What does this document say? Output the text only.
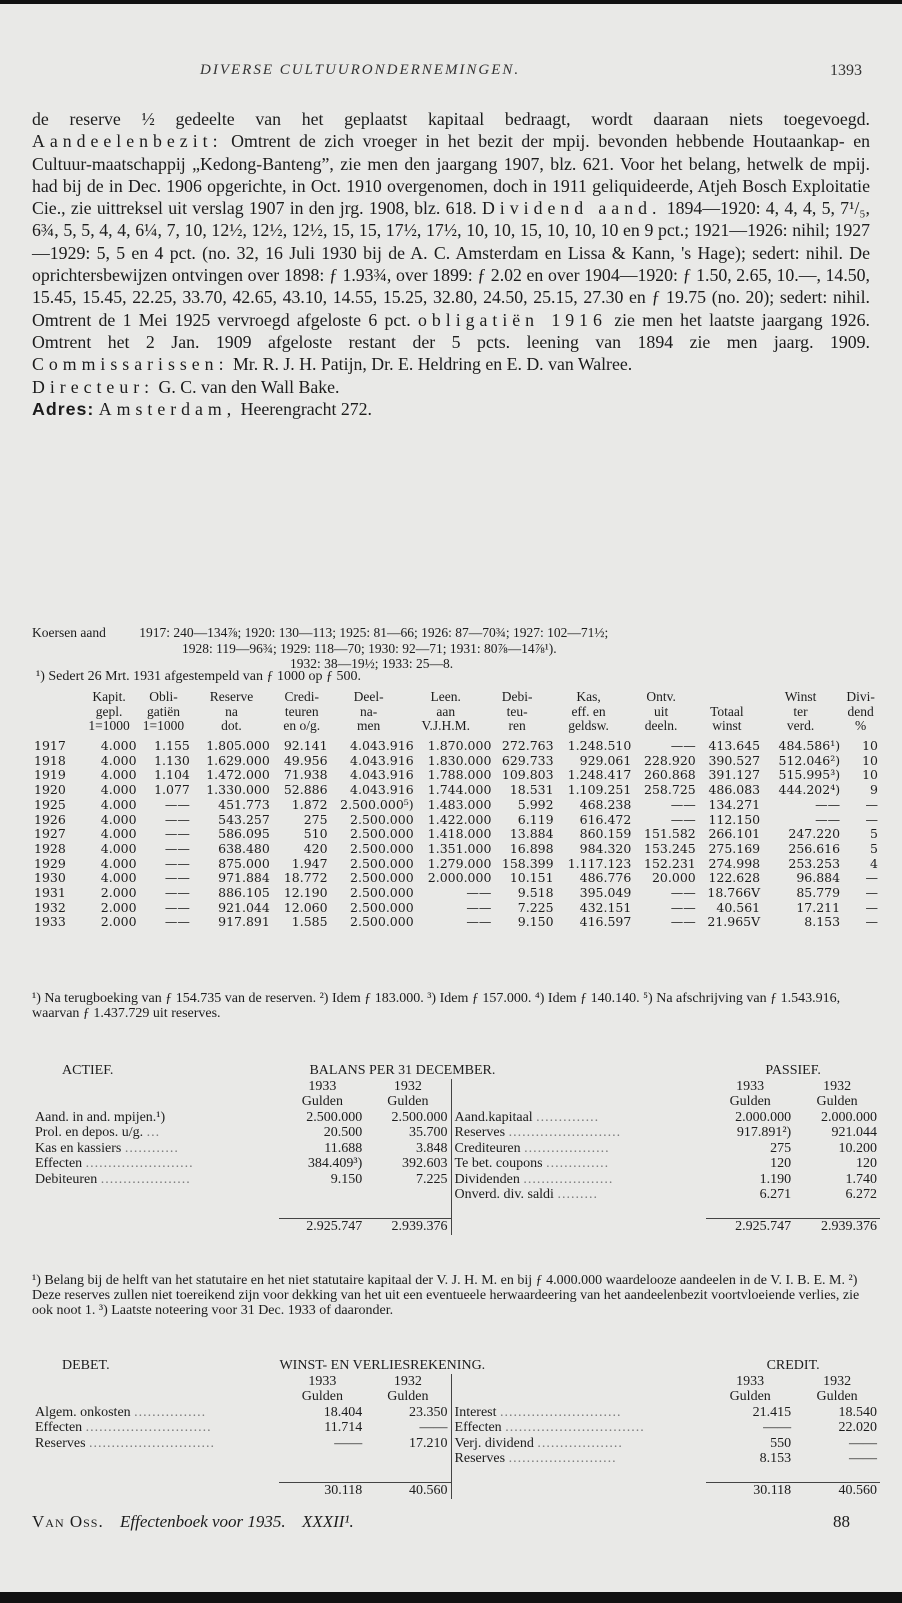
DIVERSE CULTUURONDERNEMINGEN.	1393
de reserve ½ gedeelte van het geplaatst kapitaal bedraagt, wordt daaraan niets toegevoegd. Aandeelenbezit: Omtrent de zich vroeger in het bezit der mpij. bevonden hebbende Houtaankap- en Cultuur-maatschappij „Kedong-Banteng”, zie men den jaargang 1907, blz. 621. Voor het belang, hetwelk de mpij. had bij de in Dec. 1906 opgerichte, in Oct. 1910 overgenomen, doch in 1911 geliquideerde, Atjeh Bosch Exploitatie Cie., zie uittreksel uit verslag 1907 in den jrg. 1908, blz. 618. Dividend aand. 1894—1920: 4, 4, 4, 5, 7¹/₅, 6¾, 5, 5, 4, 4, 6¼, 7, 10, 12½, 12½, 12½, 15, 15, 17½, 17½, 10, 10, 15, 10, 10, 10 en 9 pct.; 1921—1926: nihil; 1927—1929: 5, 5 en 4 pct. (no. 32, 16 Juli 1930 bij de A. C. Amsterdam en Lissa & Kann, 's Hage); sedert: nihil. De oprichtersbewijzen ontvingen over 1898: ƒ 1.93¾, over 1899: ƒ 2.02 en over 1904—1920: ƒ 1.50, 2.65, 10.—, 14.50, 15.45, 15.45, 22.25, 33.70, 42.65, 43.10, 14.55, 15.25, 32.80, 24.50, 25.15, 27.30 en ƒ 19.75 (no. 20); sedert: nihil. Omtrent de 1 Mei 1925 vervroegd afgeloste 6 pct. obligatiën 1916 zie men het laatste jaargang 1926. Omtrent het 2 Jan. 1909 afgeloste restant der 5 pcts. leening van 1894 zie men jaarg. 1909. Commissarissen: Mr. R. J. H. Patijn, Dr. E. Heldring en E. D. van Walree.
Directeur: G. C. van den Wall Bake.
Adres: Amsterdam, Heerengracht 272.
Koersen aand 1917: 240—134⅞; 1920: 130—113; 1925: 81—66; 1926: 87—70¾; 1927: 102—71½;
1928: 119—96¾; 1929: 118—70; 1930: 92—71; 1931: 80⅞—14⅞¹).
1932: 38—19½; 1933: 25—8.
¹) Sedert 26 Mrt. 1931 afgestempeld van ƒ 1000 op ƒ 500.
	Kapit.	Obli-	Reserve	Credi-	Deel-	Leen.	Debi-	Kas,	Ontv.		Winst	Divi-
	gepl.	gatiën	na	teuren	na-	aan	teu-	eff. en	uit	Totaal	ter	dend
	1=1000	1=1000	dot.	en o/g.	men	V.J.H.M.	ren	geldsw.	deeln.	winst	verd.	%
1917	4.000	1.155	1.805.000	92.141	4.043.916	1.870.000	272.763	1.248.510	——	413.645	484.586¹)	10
1918	4.000	1.130	1.629.000	49.956	4.043.916	1.830.000	629.733	929.061	228.920	390.527	512.046²)	10
1919	4.000	1.104	1.472.000	71.938	4.043.916	1.788.000	109.803	1.248.417	260.868	391.127	515.995³)	10
1920	4.000	1.077	1.330.000	52.886	4.043.916	1.744.000	18.531	1.109.251	258.725	486.083	444.202⁴)	9
1925	4.000	——	451.773	1.872	2.500.000⁵)	1.483.000	5.992	468.238	——	134.271	——	—
1926	4.000	——	543.257	275	2.500.000	1.422.000	6.119	616.472	——	112.150	——	—
1927	4.000	——	586.095	510	2.500.000	1.418.000	13.884	860.159	151.582	266.101	247.220	5
1928	4.000	——	638.480	420	2.500.000	1.351.000	16.898	984.320	153.245	275.169	256.616	5
1929	4.000	——	875.000	1.947	2.500.000	1.279.000	158.399	1.117.123	152.231	274.998	253.253	4
1930	4.000	——	971.884	18.772	2.500.000	2.000.000	10.151	486.776	20.000	122.628	96.884	—
1931	2.000	——	886.105	12.190	2.500.000	——	9.518	395.049	——	18.766V	85.779	—
1932	2.000	——	921.044	12.060	2.500.000	——	7.225	432.151	——	40.561	17.211	—
1933	2.000	——	917.891	1.585	2.500.000	——	9.150	416.597	——	21.965V	8.153	—
¹) Na terugboeking van ƒ 154.735 van de reserven. ²) Idem ƒ 183.000. ³) Idem ƒ 157.000. ⁴) Idem ƒ 140.140. ⁵) Na afschrijving van ƒ 1.543.916, waarvan ƒ 1.437.729 uit reserves.
ACTIEF.	BALANS PER 31 DECEMBER.			PASSIEF.	
	1933	1932		1933	1932
	Gulden	Gulden		Gulden	Gulden
Aand. in and. mpijen.¹)	2.500.000	2.500.000	Aand.kapitaal ..............	2.000.000	2.000.000
Prol. en depos. u/g. ...	20.500	35.700	Reserves .........................	917.891²)	921.044
Kas en kassiers ............	11.688	3.848	Crediteuren ...................	275	10.200
Effecten ........................	384.409³)	392.603	Te bet. coupons ..............	120	120
Debiteuren ....................	9.150	7.225	Dividenden ....................	1.190	1.740
			Onverd. div. saldi .........	6.271	6.272

	2.925.747	2.939.376		2.925.747	2.939.376
¹) Belang bij de helft van het statutaire en het niet statutaire kapitaal der V. J. H. M. en bij ƒ 4.000.000 waardelooze aandeelen in de V. I. B. E. M. ²) Deze reserves zullen niet toereikend zijn voor dekking van het uit een eventueele herwaardeering van het aandeelenbezit voortvloeiende verlies, zie ook noot 1. ³) Laatste noteering voor 31 Dec. 1933 of daaronder.
DEBET.	WINST- EN VERLIESREKENING.			CREDIT.	
	1933	1932		1933	1932
	Gulden	Gulden		Gulden	Gulden
Algem. onkosten ................	18.404	23.350	Interest ...........................	21.415	18.540
Effecten ............................	11.714	——	Effecten ...............................	——	22.020
Reserves ............................	——	17.210	Verj. dividend ...................	550	——
			Reserves ........................	8.153	——

	30.118	40.560		30.118	40.560
Van Oss. Effectenboek voor 1935. XXXII¹.	88
